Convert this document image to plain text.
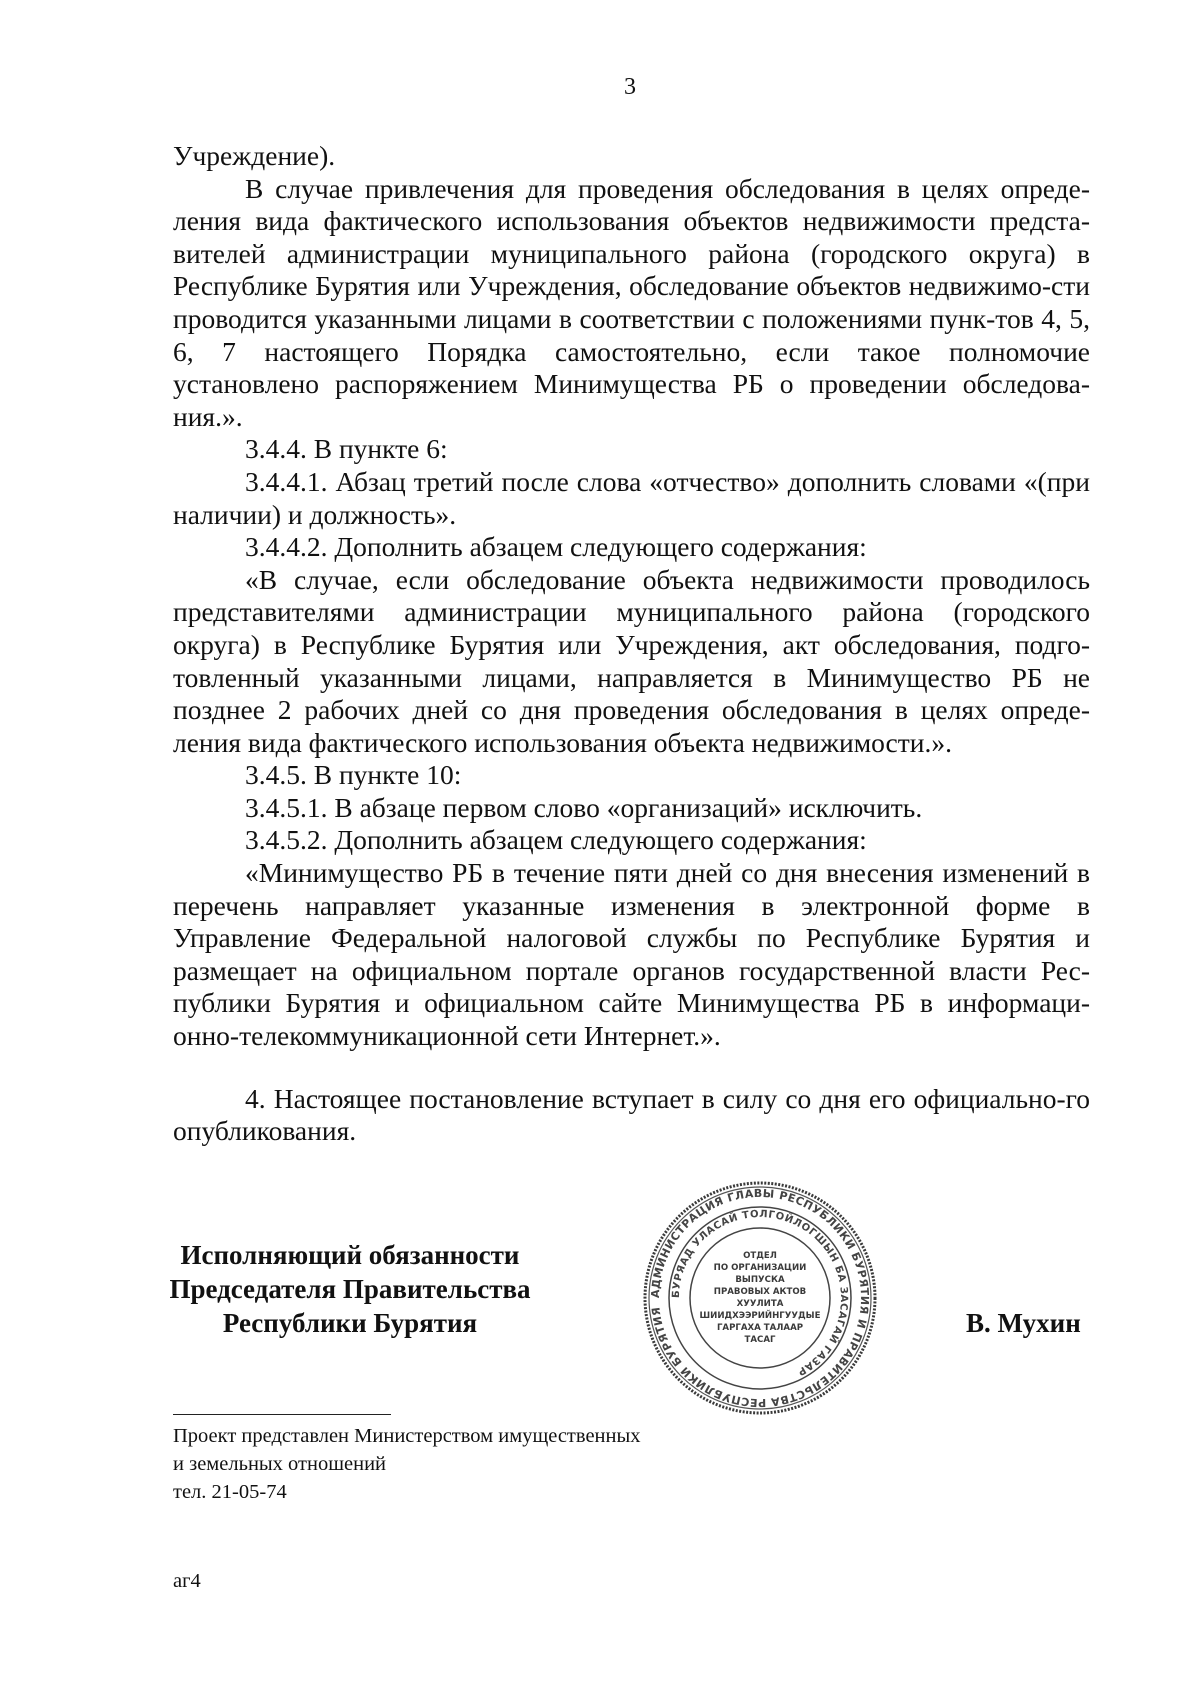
3

Учреждение).

В случае привлечения для проведения обследования в целях опреде-ления вида фактического использования объектов недвижимости предста-вителей администрации муниципального района (городского округа) в Республике Бурятия или Учреждения, обследование объектов недвижимо-сти проводится указанными лицами в соответствии с положениями пунк-тов 4, 5, 6, 7 настоящего Порядка самостоятельно, если такое полномочие установлено распоряжением Минимущества РБ о проведении обследова-ния.».

3.4.4. В пункте 6:

3.4.4.1. Абзац третий после слова «отчество» дополнить словами «(при наличии) и должность».

3.4.4.2. Дополнить абзацем следующего содержания:

«В случае, если обследование объекта недвижимости проводилось представителями администрации муниципального района (городского округа) в Республике Бурятия или Учреждения, акт обследования, подго-товленный указанными лицами, направляется в Минимущество РБ не позднее 2 рабочих дней со дня проведения обследования в целях опреде-ления вида фактического использования объекта недвижимости.».

3.4.5. В пункте 10:

3.4.5.1. В абзаце первом слово «организаций» исключить.

3.4.5.2. Дополнить абзацем следующего содержания:

«Минимущество РБ в течение пяти дней со дня внесения изменений в перечень направляет указанные изменения в электронной форме в Управление Федеральной налоговой службы по Республике Бурятия и размещает на официальном портале органов государственной власти Рес-публики Бурятия и официальном сайте Минимущества РБ в информаци-онно-телекоммуникационной сети Интернет.».

4. Настоящее постановление вступает в силу со дня его официально-го опубликования.

Исполняющий обязанности
Председателя Правительства
Республики Бурятия
АДМИНИСТРАЦИЯ ГЛАВЫ РЕСПУБЛИКИ БУРЯТИЯ И ПРАВИТЕЛЬСТВА РЕСПУБЛИКИ БУРЯТИЯ
БУРЯАД УЛАСАЙ ТОЛГОЙЛОГШЫН БА ЗАСАГАЙ ГАЗАР
ОТДЕЛ
ПО ОРГАНИЗАЦИИ
ВЫПУСКА
ПРАВОВЫХ АКТОВ
ХУУЛИТА
ШИИДХЭЭРИЙНГУУДЫЕ
ГАРГАХА ТАЛААР
ТАСАГ
В. Мухин
Проект представлен Министерством имущественных
и земельных отношений
тел. 21-05-74
аг4
